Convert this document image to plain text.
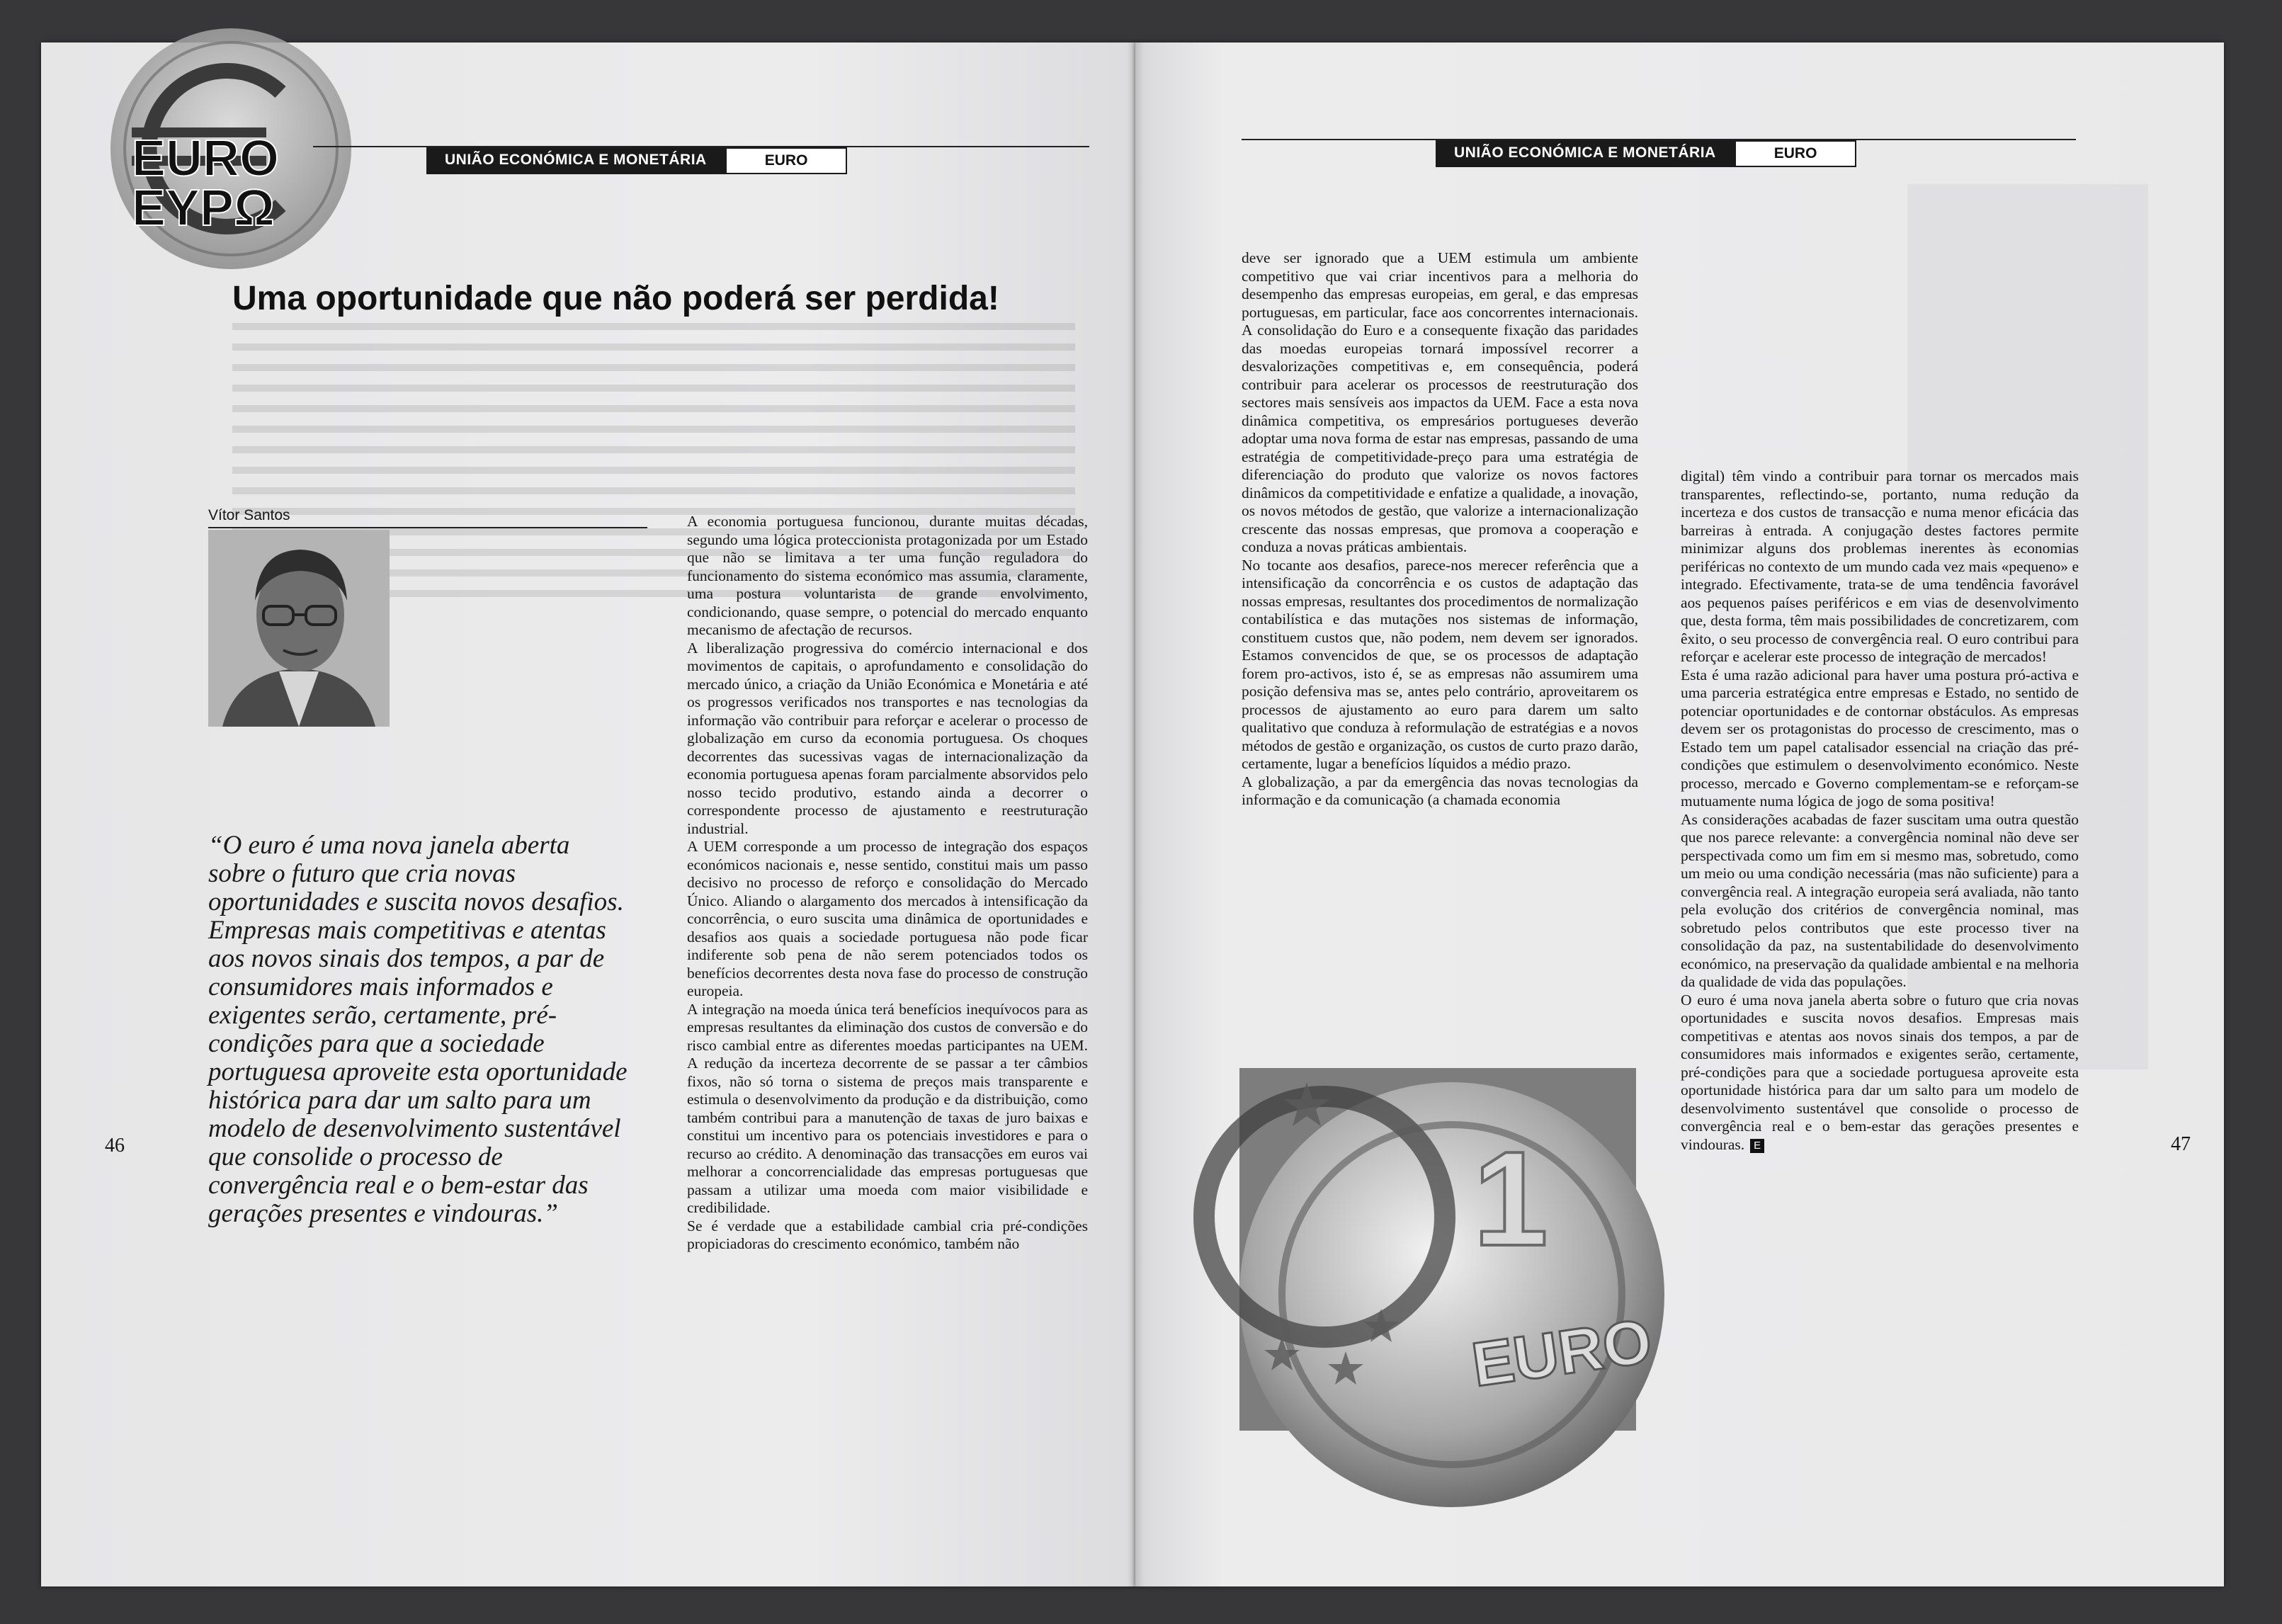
EURO
EYPΩ
UNIÃO ECONÓMICA E MONETÁRIA	EURO
Uma oportunidade que não poderá ser perdida!
Vítor Santos

“O euro é uma nova janela aberta sobre o futuro que cria novas oportunidades e suscita novos desafios. Empresas mais competitivas e atentas aos novos sinais dos tempos, a par de consumidores mais informados e exigentes serão, certamente, pré-condições para que a sociedade portuguesa aproveite esta oportunidade histórica para dar um salto para um modelo de desenvolvimento sustentável que consolide o processo de convergência real e o bem-estar das gerações presentes e vindouras.”

A economia portuguesa funcionou, durante muitas décadas, segundo uma lógica proteccionista protagonizada por um Estado que não se limitava a ter uma função reguladora do funcionamento do sistema económico mas assumia, claramente, uma postura voluntarista de grande envolvimento, condicionando, quase sempre, o potencial do mercado enquanto mecanismo de afectação de recursos.

A liberalização progressiva do comércio internacional e dos movimentos de capitais, o aprofundamento e consolidação do mercado único, a criação da União Económica e Monetária e até os progressos verificados nos transportes e nas tecnologias da informação vão contribuir para reforçar e acelerar o processo de globalização em curso da economia portuguesa. Os choques decorrentes das sucessivas vagas de internacionalização da economia portuguesa apenas foram parcialmente absorvidos pelo nosso tecido produtivo, estando ainda a decorrer o correspondente processo de ajustamento e reestruturação industrial.

A UEM corresponde a um processo de integração dos espaços económicos nacionais e, nesse sentido, constitui mais um passo decisivo no processo de reforço e consolidação do Mercado Único. Aliando o alargamento dos mercados à intensificação da concorrência, o euro suscita uma dinâmica de oportunidades e desafios aos quais a sociedade portuguesa não pode ficar indiferente sob pena de não serem potenciados todos os benefícios decorrentes desta nova fase do processo de construção europeia.

A integração na moeda única terá benefícios inequívocos para as empresas resultantes da eliminação dos custos de conversão e do risco cambial entre as diferentes moedas participantes na UEM. A redução da incerteza decorrente de se passar a ter câmbios fixos, não só torna o sistema de preços mais transparente e estimula o desenvolvimento da produção e da distribuição, como também contribui para a manutenção de taxas de juro baixas e constitui um incentivo para os potenciais investidores e para o recurso ao crédito. A denominação das transacções em euros vai melhorar a concorrencialidade das empresas portuguesas que passam a utilizar uma moeda com maior visibilidade e credibilidade.

Se é verdade que a estabilidade cambial cria pré-condições propiciadoras do crescimento económico, também não

46
UNIÃO ECONÓMICA E MONETÁRIA	EURO

deve ser ignorado que a UEM estimula um ambiente competitivo que vai criar incentivos para a melhoria do desempenho das empresas europeias, em geral, e das empresas portuguesas, em particular, face aos concorrentes internacionais. A consolidação do Euro e a consequente fixação das paridades das moedas europeias tornará impossível recorrer a desvalorizações competitivas e, em consequência, poderá contribuir para acelerar os processos de reestruturação dos sectores mais sensíveis aos impactos da UEM. Face a esta nova dinâmica competitiva, os empresários portugueses deverão adoptar uma nova forma de estar nas empresas, passando de uma estratégia de competitividade-preço para uma estratégia de diferenciação do produto que valorize os novos factores dinâmicos da competitividade e enfatize a qualidade, a inovação, os novos métodos de gestão, que valorize a internacionalização crescente das nossas empresas, que promova a cooperação e conduza a novas práticas ambientais.

No tocante aos desafios, parece-nos merecer referência que a intensificação da concorrência e os custos de adaptação das nossas empresas, resultantes dos procedimentos de normalização contabilística e das mutações nos sistemas de informação, constituem custos que, não podem, nem devem ser ignorados. Estamos convencidos de que, se os processos de adaptação forem pro-activos, isto é, se as empresas não assumirem uma posição defensiva mas se, antes pelo contrário, aproveitarem os processos de ajustamento ao euro para darem um salto qualitativo que conduza à reformulação de estratégias e a novos métodos de gestão e organização, os custos de curto prazo darão, certamente, lugar a benefícios líquidos a médio prazo.

A globalização, a par da emergência das novas tecnologias da informação e da comunicação (a chamada economia

digital) têm vindo a contribuir para tornar os mercados mais transparentes, reflectindo-se, portanto, numa redução da incerteza e dos custos de transacção e numa menor eficácia das barreiras à entrada. A conjugação destes factores permite minimizar alguns dos problemas inerentes às economias periféricas no contexto de um mundo cada vez mais «pequeno» e integrado. Efectivamente, trata-se de uma tendência favorável aos pequenos países periféricos e em vias de desenvolvimento que, desta forma, têm mais possibilidades de concretizarem, com êxito, o seu processo de convergência real. O euro contribui para reforçar e acelerar este processo de integração de mercados!

Esta é uma razão adicional para haver uma postura pró-activa e uma parceria estratégica entre empresas e Estado, no sentido de potenciar oportunidades e de contornar obstáculos. As empresas devem ser os protagonistas do processo de crescimento, mas o Estado tem um papel catalisador essencial na criação das pré-condições que estimulem o desenvolvimento económico. Neste processo, mercado e Governo complementam-se e reforçam-se mutuamente numa lógica de jogo de soma positiva!

As considerações acabadas de fazer suscitam uma outra questão que nos parece relevante: a convergência nominal não deve ser perspectivada como um fim em si mesmo mas, sobretudo, como um meio ou uma condição necessária (mas não suficiente) para a convergência real. A integração europeia será avaliada, não tanto pela evolução dos critérios de convergência nominal, mas sobretudo pelos contributos que este processo tiver na consolidação da paz, na sustentabilidade do desenvolvimento económico, na preservação da qualidade ambiental e na melhoria da qualidade de vida das populações.

O euro é uma nova janela aberta sobre o futuro que cria novas oportunidades e suscita novos desafios. Empresas mais competitivas e atentas aos novos sinais dos tempos, a par de consumidores mais informados e exigentes serão, certamente, pré-condições para que a sociedade portuguesa aproveite esta oportunidade histórica para dar um salto para um modelo de desenvolvimento sustentável que consolide o processo de convergência real e o bem-estar das gerações presentes e vindouras. E	47
1
EURO
